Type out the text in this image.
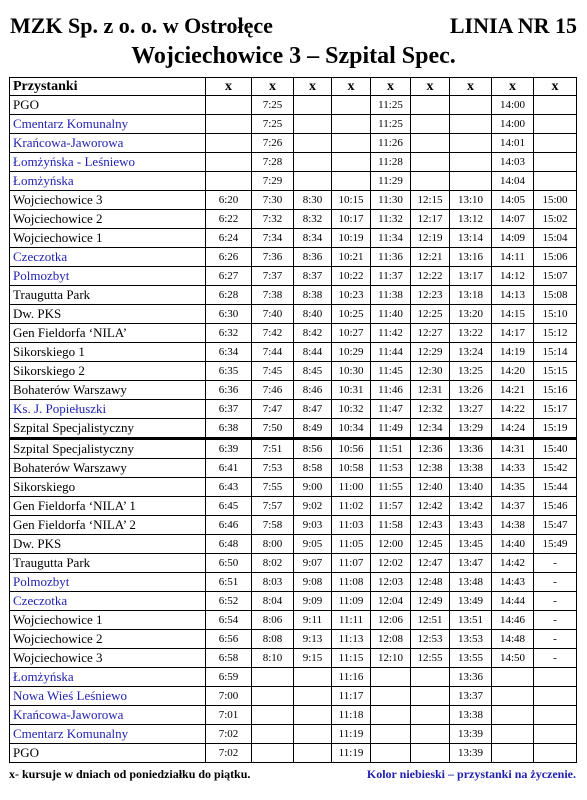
MZK Sp. z o. o. w Ostrołęce	LINIA NR 15
Wojciechowice 3 – Szpital Spec.
Przystanki	x	x	x	x	x	x	x	x	x
PGO		7:25			11:25			14:00	
Cmentarz Komunalny		7:25			11:25			14:00	
Krańcowa-Jaworowa		7:26			11:26			14:01	
Łomżyńska - Leśniewo		7:28			11:28			14:03	
Łomżyńska		7:29			11:29			14:04	
Wojciechowice 3	6:20	7:30	8:30	10:15	11:30	12:15	13:10	14:05	15:00
Wojciechowice 2	6:22	7:32	8:32	10:17	11:32	12:17	13:12	14:07	15:02
Wojciechowice 1	6:24	7:34	8:34	10:19	11:34	12:19	13:14	14:09	15:04
Czeczotka	6:26	7:36	8:36	10:21	11:36	12:21	13:16	14:11	15:06
Polmozbyt	6:27	7:37	8:37	10:22	11:37	12:22	13:17	14:12	15:07
Traugutta Park	6:28	7:38	8:38	10:23	11:38	12:23	13:18	14:13	15:08
Dw. PKS	6:30	7:40	8:40	10:25	11:40	12:25	13:20	14:15	15:10
Gen Fieldorfa ‘NILA’	6:32	7:42	8:42	10:27	11:42	12:27	13:22	14:17	15:12
Sikorskiego 1	6:34	7:44	8:44	10:29	11:44	12:29	13:24	14:19	15:14
Sikorskiego 2	6:35	7:45	8:45	10:30	11:45	12:30	13:25	14:20	15:15
Bohaterów Warszawy	6:36	7:46	8:46	10:31	11:46	12:31	13:26	14:21	15:16
Ks. J. Popiełuszki	6:37	7:47	8:47	10:32	11:47	12:32	13:27	14:22	15:17
Szpital Specjalistyczny	6:38	7:50	8:49	10:34	11:49	12:34	13:29	14:24	15:19
Szpital Specjalistyczny	6:39	7:51	8:56	10:56	11:51	12:36	13:36	14:31	15:40
Bohaterów Warszawy	6:41	7:53	8:58	10:58	11:53	12:38	13:38	14:33	15:42
Sikorskiego	6:43	7:55	9:00	11:00	11:55	12:40	13:40	14:35	15:44
Gen Fieldorfa ‘NILA’ 1	6:45	7:57	9:02	11:02	11:57	12:42	13:42	14:37	15:46
Gen Fieldorfa ‘NILA’ 2	6:46	7:58	9:03	11:03	11:58	12:43	13:43	14:38	15:47
Dw. PKS	6:48	8:00	9:05	11:05	12:00	12:45	13:45	14:40	15:49
Traugutta Park	6:50	8:02	9:07	11:07	12:02	12:47	13:47	14:42	-
Polmozbyt	6:51	8:03	9:08	11:08	12:03	12:48	13:48	14:43	-
Czeczotka	6:52	8:04	9:09	11:09	12:04	12:49	13:49	14:44	-
Wojciechowice 1	6:54	8:06	9:11	11:11	12:06	12:51	13:51	14:46	-
Wojciechowice 2	6:56	8:08	9:13	11:13	12:08	12:53	13:53	14:48	-
Wojciechowice 3	6:58	8:10	9:15	11:15	12:10	12:55	13:55	14:50	-
Łomżyńska	6:59			11:16			13:36		
Nowa Wieś Leśniewo	7:00			11:17			13:37		
Krańcowa-Jaworowa	7:01			11:18			13:38		
Cmentarz Komunalny	7:02			11:19			13:39		
PGO	7:02			11:19			13:39		
x- kursuje w dniach od poniedziałku do piątku.	Kolor niebieski – przystanki na życzenie.
